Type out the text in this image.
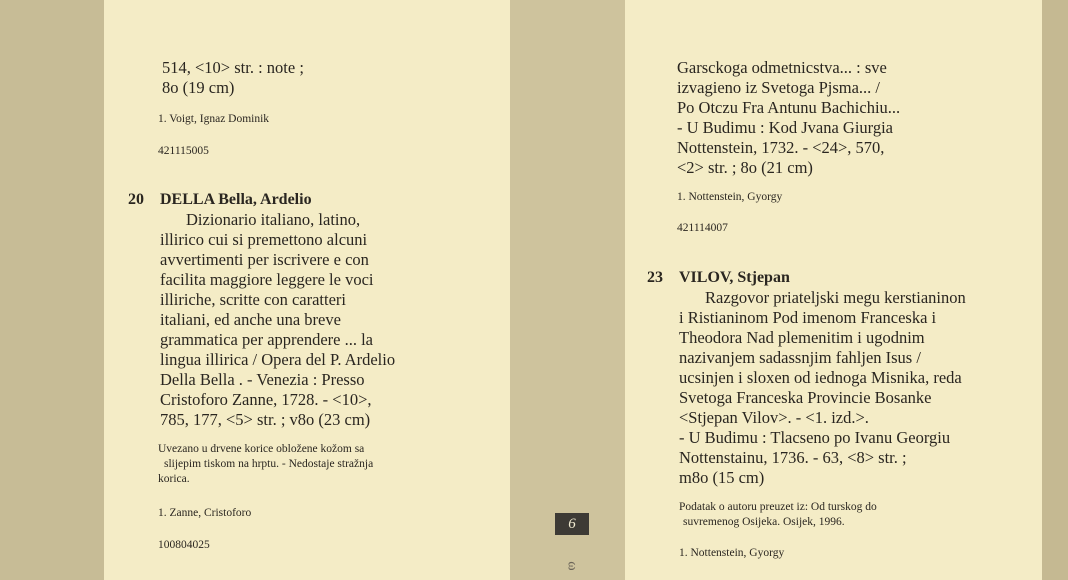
514, <10> str. : note ;
8o (19 cm)
1. Voigt, Ignaz Dominik
421115005
20 DELLA Bella, Ardelio
Dizionario italiano, latino,
illirico cui si premettono alcuni
avvertimenti per iscrivere e con
facilita maggiore leggere le voci
illiriche, scritte con caratteri
italiani, ed anche una breve
grammatica per apprendere ... la
lingua illirica / Opera del P. Ardelio
Della Bella . - Venezia : Presso
Cristoforo Zanne, 1728. - <10>,
785, 177, <5> str. ; v8o (23 cm)
Uvezano u drvene korice obložene kožom sa
slijepim tiskom na hrptu. - Nedostaje stražnja
korica.
1. Zanne, Cristoforo
100804025
6
ω
Garsckoga odmetnicstva... : sve
izvagieno iz Svetoga Pjsma... /
Po Otczu Fra Antunu Bachichiu...
- U Budimu : Kod Jvana Giurgia
Nottenstein, 1732. - <24>, 570,
<2> str. ; 8o (21 cm)
1. Nottenstein, Gyorgy
421114007
23 VILOV, Stjepan
Razgovor priateljski megu kerstianinon
i Ristianinom Pod imenom Franceska i
Theodora Nad plemenitim i ugodnim
nazivanjem sadassnjim fahljen Isus /
ucsinjen i sloxen od iednoga Misnika, reda
Svetoga Franceska Provincie Bosanke
<Stjepan Vilov>. - <1. izd.>.
- U Budimu : Tlacseno po Ivanu Georgiu
Nottenstainu, 1736. - 63, <8> str. ;
m8o (15 cm)
Podatak o autoru preuzet iz: Od turskog do
suvremenog Osijeka. Osijek, 1996.
1. Nottenstein, Gyorgy
